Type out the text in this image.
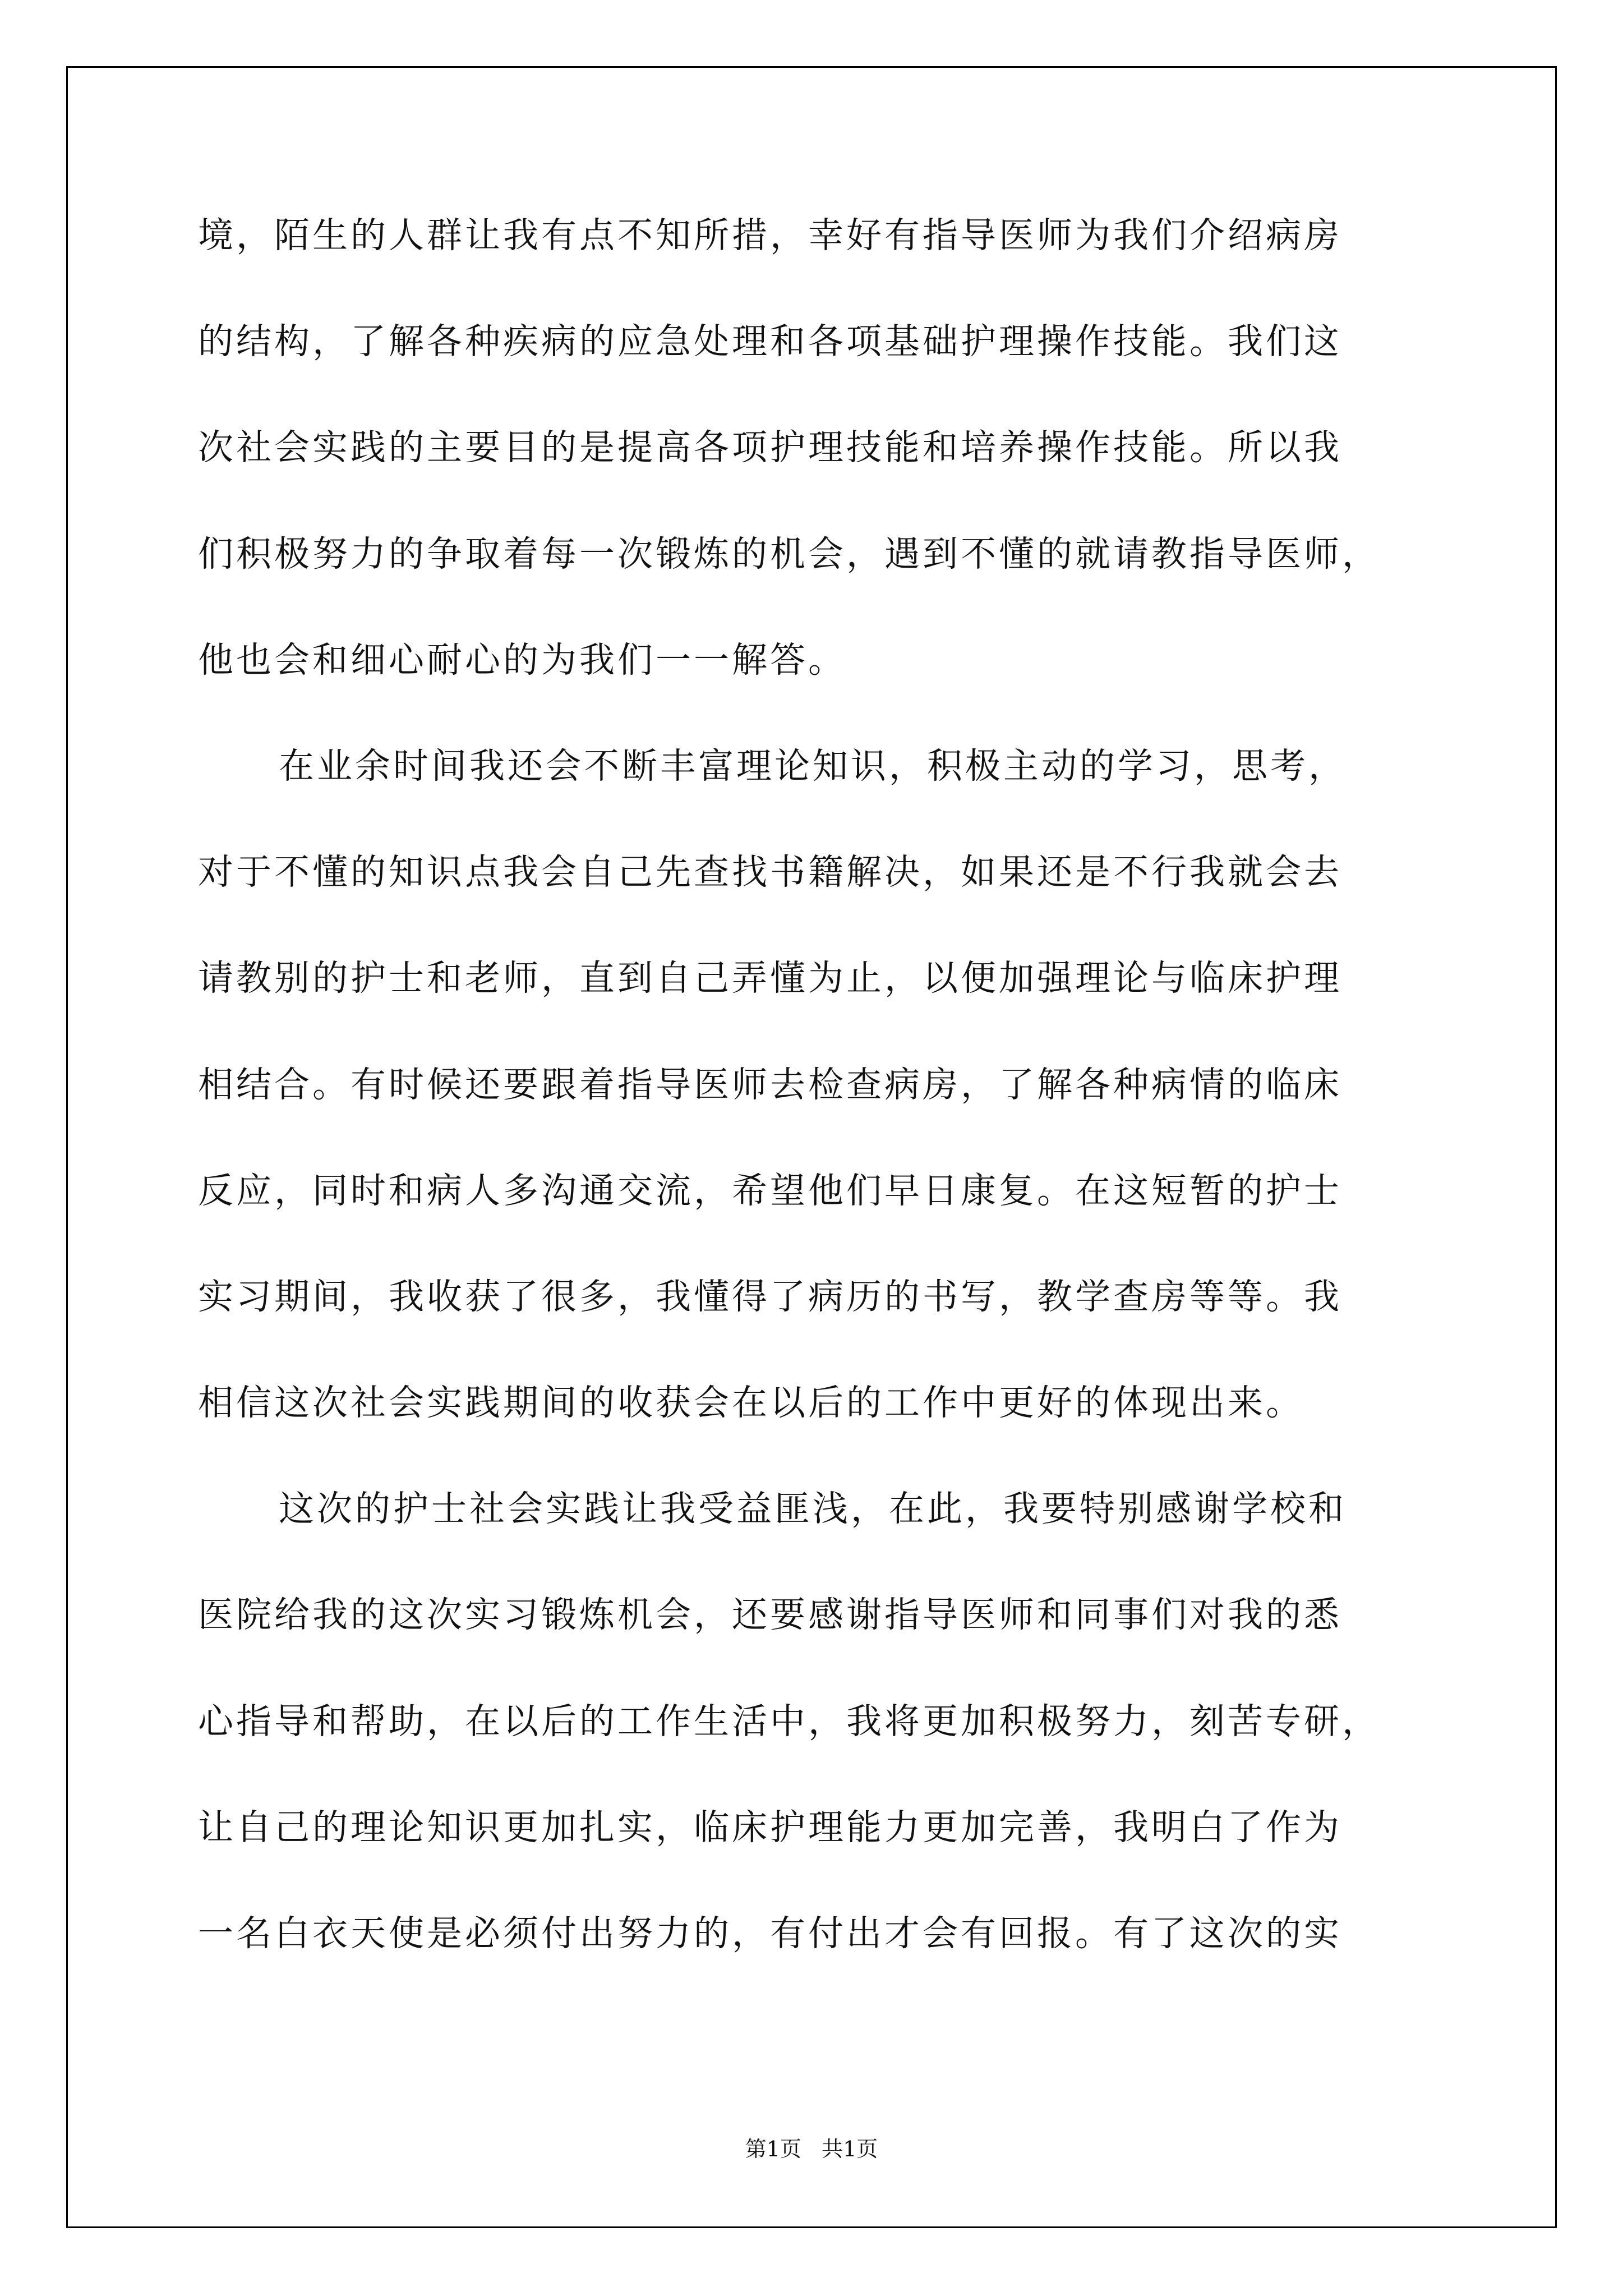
境，陌生的人群让我有点不知所措，幸好有指导医师为我们介绍病房
的结构，了解各种疾病的应急处理和各项基础护理操作技能。我们这
次社会实践的主要目的是提高各项护理技能和培养操作技能。所以我
们积极努力的争取着每一次锻炼的机会，遇到不懂的就请教指导医师，
他也会和细心耐心的为我们一一解答。
在业余时间我还会不断丰富理论知识，积极主动的学习，思考，
对于不懂的知识点我会自己先查找书籍解决，如果还是不行我就会去
请教别的护士和老师，直到自己弄懂为止，以便加强理论与临床护理
相结合。有时候还要跟着指导医师去检查病房，了解各种病情的临床
反应，同时和病人多沟通交流，希望他们早日康复。在这短暂的护士
实习期间，我收获了很多，我懂得了病历的书写，教学查房等等。我
相信这次社会实践期间的收获会在以后的工作中更好的体现出来。
这次的护士社会实践让我受益匪浅，在此，我要特别感谢学校和
医院给我的这次实习锻炼机会，还要感谢指导医师和同事们对我的悉
心指导和帮助，在以后的工作生活中，我将更加积极努力，刻苦专研，
让自己的理论知识更加扎实，临床护理能力更加完善，我明白了作为
一名白衣天使是必须付出努力的，有付出才会有回报。有了这次的实
第1页   共1页
